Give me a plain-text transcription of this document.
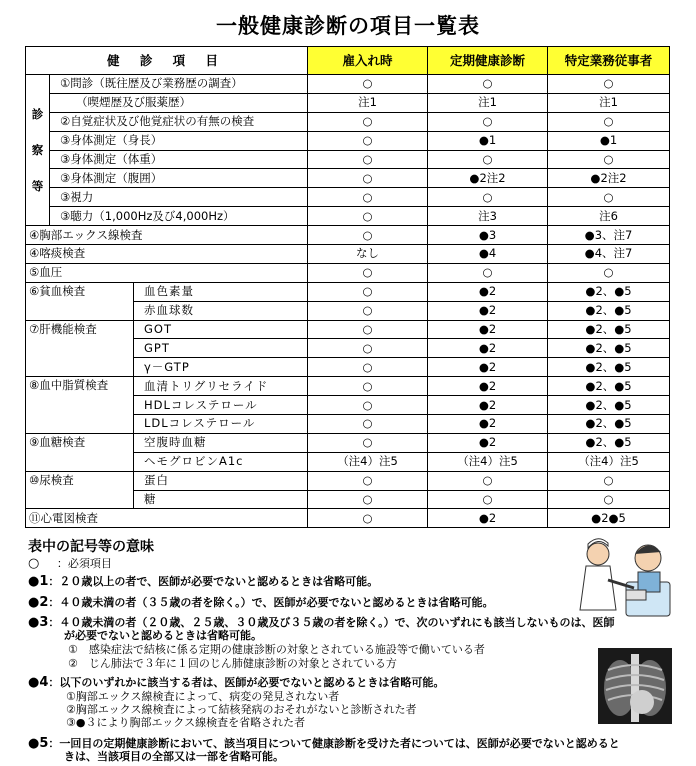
一般健康診断の項目一覧表
健 診 項 目			雇入れ時	定期健康診断	特定業務従事者

診
察
等	①問診（既往歴及び業務歴の調査）		○	○	○
	（喫煙歴及び服薬歴）		注1	注1	注1
	②自覚症状及び他覚症状の有無の検査		○	○	○
	③身体測定（身長）		○	●1	●1
	③身体測定（体重）		○	○	○
	③身体測定（腹囲）		○	●2注2	●2注2
	③視力		○	○	○
	③聴力（1,000Hz及び4,000Hz）		○	注3	注6
④胸部エックス線検査			○	●3	●3、注7
④喀痰検査			なし	●4	●4、注7
⑤血圧			○	○	○
⑥貧血検査		血色素量	○	●2	●2、●5
		赤血球数	○	●2	●2、●5
⑦肝機能検査		GOT	○	●2	●2、●5
		GPT	○	●2	●2、●5
		γ－GTP	○	●2	●2、●5
⑧血中脂質検査		血清トリグリセライド	○	●2	●2、●5
		HDLコレステロール	○	●2	●2、●5
		LDLコレステロール	○	●2	●2、●5
⑨血糖検査		空腹時血糖	○	●2	●2、●5
		ヘモグロビンA1c	（注4）注5	（注4）注5	（注4）注5
⑩尿検査		蛋白	○	○	○
		糖	○	○	○
⑪心電図検査			○	●2	●2●5
表中の記号等の意味
○ ：必須項目
●1：２０歳以上の者で、医師が必要でないと認めるときは省略可能。
●2：４０歳未満の者（３５歳の者を除く。）で、医師が必要でないと認めるときは省略可能。
●3：４０歳未満の者（２０歳、２５歳、３０歳及び３５歳の者を除く。）で、次のいずれにも該当しないものは、医師
が必要でないと認めるときは省略可能。
①　感染症法で結核に係る定期の健康診断の対象とされている施設等で働いている者
②　じん肺法で３年に１回のじん肺健康診断の対象とされている方
●4：以下のいずれかに該当する者は、医師が必要でないと認めるときは省略可能。
①胸部エックス線検査によって、病変の発見されない者
②胸部エックス線検査によって結核発病のおそれがないと診断された者
③●３により胸部エックス線検査を省略された者
●5：一回目の定期健康診断において、該当項目について健康診断を受けた者については、医師が必要でないと認めると
きは、当該項目の全部又は一部を省略可能。
